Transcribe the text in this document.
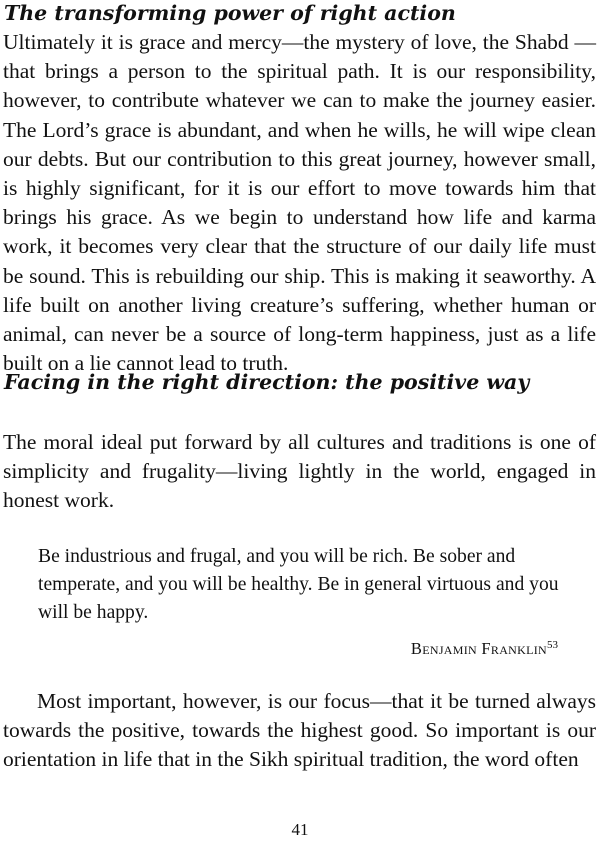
The transforming power of right action

Ultimately it is grace and mercy—the mystery of love, the Shabd —that brings a person to the spiritual path. It is our responsibility, however, to contribute whatever we can to make the journey easier. The Lord’s grace is abundant, and when he wills, he will wipe clean our debts. But our contribution to this great journey, however small, is highly significant, for it is our effort to move towards him that brings his grace. As we begin to understand how life and karma work, it becomes very clear that the structure of our daily life must be sound. This is rebuilding our ship. This is making it seaworthy. A life built on another living creature’s suffering, whether human or animal, can never be a source of long-term happiness, just as a life built on a lie cannot lead to truth.

Facing in the right direction: the positive way

The moral ideal put forward by all cultures and traditions is one of simplicity and frugality—living lightly in the world, engaged in honest work.

Be industrious and frugal, and you will be rich. Be sober and temperate, and you will be healthy. Be in general virtuous and you will be happy.

Benjamin Franklin$^{53}$

Most important, however, is our focus—that it be turned always towards the positive, towards the highest good. So important is our orientation in life that in the Sikh spiritual tradition, the word often

41
